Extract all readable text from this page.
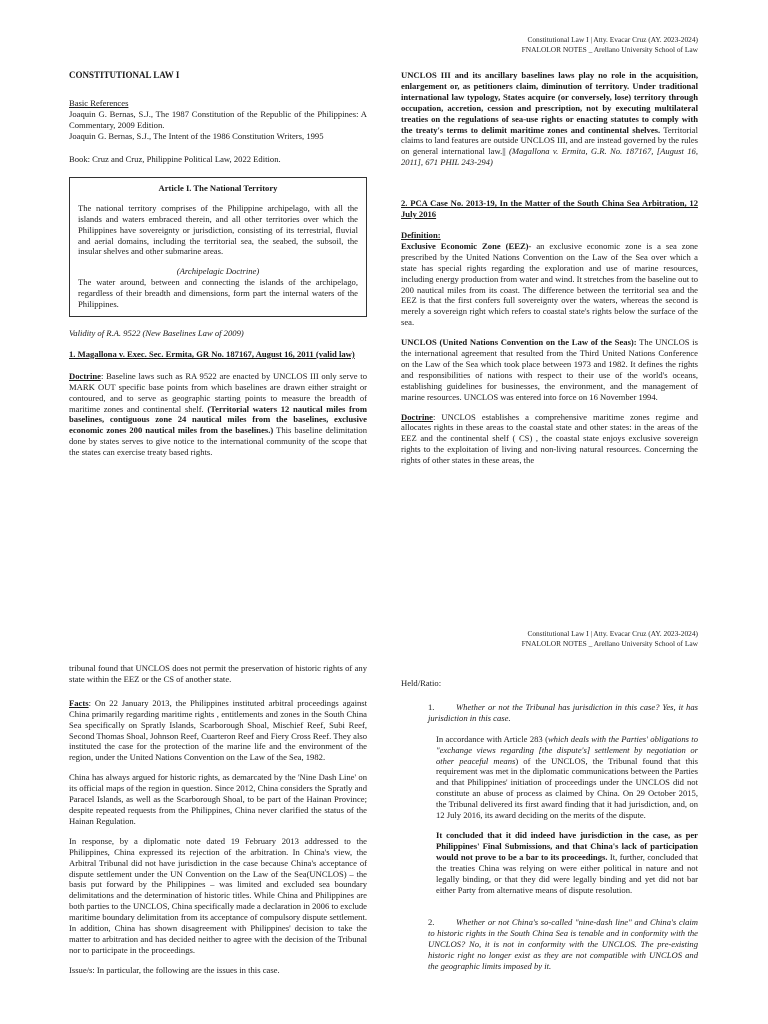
Constitutional Law I | Atty. Evacar Cruz (AY. 2023-2024)
FNALOLOR NOTES _ Arellano University School of Law

CONSTITUTIONAL LAW I

Basic References

Joaquin G. Bernas, S.J., The 1987 Constitution of the Republic of the Philippines: A Commentary, 2009 Edition.

Joaquin G. Bernas, S.J., The Intent of the 1986 Constitution Writers, 1995

Book: Cruz and Cruz, Philippine Political Law, 2022 Edition.

Article I. The National Territory

The national territory comprises of the Philippine archipelago, with all the islands and waters embraced therein, and all other territories over which the Philippines have sovereignty or jurisdiction, consisting of its terrestrial, fluvial and aerial domains, including the territorial sea, the seabed, the subsoil, the insular shelves and other submarine areas.

(Archipelagic Doctrine)

The water around, between and connecting the islands of the archipelago, regardless of their breadth and dimensions, form part the internal waters of the Philippines.

Validity of R.A. 9522 (New Baselines Law of 2009)

1. Magallona v. Exec. Sec. Ermita, GR No. 187167, August 16, 2011 (valid law)

Doctrine: Baseline laws such as RA 9522 are enacted by UNCLOS III only serve to MARK OUT specific base points from which baselines are drawn either straight or contoured, and to serve as geographic starting points to measure the breadth of maritime zones and continental shelf. (Territorial waters 12 nautical miles from baselines, contiguous zone 24 nautical miles from the baselines, exclusive economic zones 200 nautical miles from the baselines.) This baseline delimitation done by states serves to give notice to the international community of the scope that the states can exercise treaty based rights.

UNCLOS III and its ancillary baselines laws play no role in the acquisition, enlargement or, as petitioners claim, diminution of territory. Under traditional international law typology, States acquire (or conversely, lose) territory through occupation, accretion, cession and prescription, not by executing multilateral treaties on the regulations of sea-use rights or enacting statutes to comply with the treaty's terms to delimit maritime zones and continental shelves. Territorial claims to land features are outside UNCLOS III, and are instead governed by the rules on general international law.|| (Magallona v. Ermita, G.R. No. 187167, [August 16, 2011], 671 PHIL 243-294)

2. PCA Case No. 2013-19, In the Matter of the South China Sea Arbitration, 12 July 2016

Definition:

Exclusive Economic Zone (EEZ)- an exclusive economic zone is a sea zone prescribed by the United Nations Convention on the Law of the Sea over which a state has special rights regarding the exploration and use of marine resources, including energy production from water and wind. It stretches from the baseline out to 200 nautical miles from its coast. The difference between the territorial sea and the EEZ is that the first confers full sovereignty over the waters, whereas the second is merely a sovereign right which refers to coastal state's rights below the surface of the sea.

UNCLOS (United Nations Convention on the Law of the Seas): The UNCLOS is the international agreement that resulted from the Third United Nations Conference on the Law of the Sea which took place between 1973 and 1982. It defines the rights and responsibilities of nations with respect to their use of the world's oceans, establishing guidelines for businesses, the environment, and the management of marine resources. UNCLOS was entered into force on 16 November 1994.

Doctrine: UNCLOS establishes a comprehensive maritime zones regime and allocates rights in these areas to the coastal state and other states: in the areas of the EEZ and the continental shelf ( CS) , the coastal state enjoys exclusive sovereign rights to the exploitation of living and non-living natural resources. Concerning the rights of other states in these areas, the

Constitutional Law I | Atty. Evacar Cruz (AY. 2023-2024)
FNALOLOR NOTES _ Arellano University School of Law

tribunal found that UNCLOS does not permit the preservation of historic rights of any state within the EEZ or the CS of another state.

Facts: On 22 January 2013, the Philippines instituted arbitral proceedings against China primarily regarding maritime rights , entitlements and zones in the South China Sea specifically on Spratly Islands, Scarborough Shoal, Mischief Reef, Subi Reef, Second Thomas Shoal, Johnson Reef, Cuarteron Reef and Fiery Cross Reef. They also instituted the case for the protection of the marine life and the environment of the region, under the United Nations Convention on the Law of the Sea, 1982.

China has always argued for historic rights, as demarcated by the 'Nine Dash Line' on its official maps of the region in question. Since 2012, China considers the Spratly and Paracel Islands, as well as the Scarborough Shoal, to be part of the Hainan Province; despite repeated requests from the Philippines, China never clarified the status of the Hainan Regulation.

In response, by a diplomatic note dated 19 February 2013 addressed to the Philippines, China expressed its rejection of the arbitration. In China's view, the Arbitral Tribunal did not have jurisdiction in the case because China's acceptance of dispute settlement under the UN Convention on the Law of the Sea(UNCLOS) – the basis put forward by the Philippines – was limited and excluded sea boundary delimitations and the determination of historic titles. While China and Philippines are both parties to the UNCLOS, China specifically made a declaration in 2006 to exclude maritime boundary delimitation from its acceptance of compulsory dispute settlement. In addition, China has shown disagreement with Philippines' decision to take the matter to arbitration and has decided neither to agree with the decision of the Tribunal nor to participate in the proceedings.

Issue/s: In particular, the following are the issues in this case.

Held/Ratio:

1.	Whether or not the Tribunal has jurisdiction in this case? Yes, it has jurisdiction in this case.

In accordance with Article 283 (which deals with the Parties' obligations to "exchange views regarding [the dispute's] settlement by negotiation or other peaceful means) of the UNCLOS, the Tribunal found that this requirement was met in the diplomatic communications between the Parties and that Philippines' initiation of proceedings under the UNCLOS did not constitute an abuse of process as claimed by China. On 29 October 2015, the Tribunal delivered its first award finding that it had jurisdiction, and, on 12 July 2016, its award deciding on the merits of the dispute.

It concluded that it did indeed have jurisdiction in the case, as per Philippines' Final Submissions, and that China's lack of participation would not prove to be a bar to its proceedings. It, further, concluded that the treaties China was relying on were either political in nature and not legally binding, or that they did were legally binding and yet did not bar either Party from alternative means of dispute resolution.

2.	Whether or not China's so-called "nine-dash line" and China's claim to historic rights in the South China Sea is tenable and in conformity with the UNCLOS? No, it is not in conformity with the UNCLOS. The pre-existing historic right no longer exist as they are not compatible with UNCLOS and the geographic limits imposed by it.
